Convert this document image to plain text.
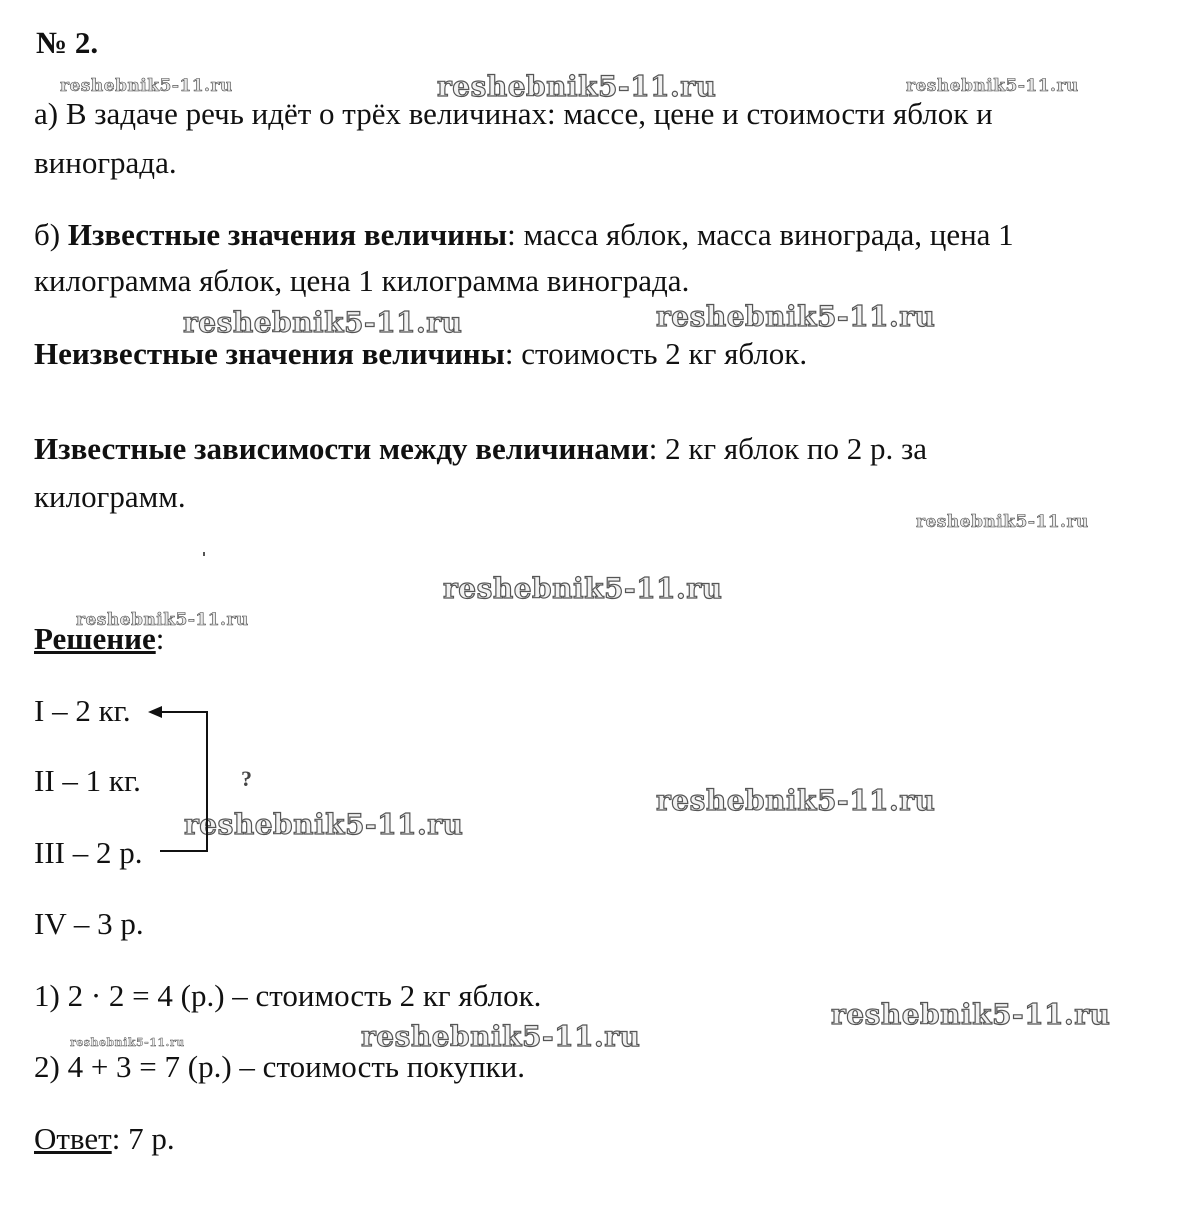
reshebnik5-11.ru	reshebnik5-11.ru	reshebnik5-11.ru
reshebnik5-11.ru	reshebnik5-11.ru
reshebnik5-11.ru
reshebnik5-11.ru
reshebnik5-11.ru
reshebnik5-11.ru
reshebnik5-11.ru
reshebnik5-11.ru
reshebnik5-11.ru
reshebnik5-11.ru
№ 2.
а) В задаче речь идёт о трёх величинах: массе, цене и стоимости яблок и
винограда.
б) Известные значения величины: масса яблок, масса винограда, цена 1
килограмма яблок, цена 1 килограмма винограда.
Неизвестные значения величины: стоимость 2 кг яблок.
Известные зависимости между величинами: 2 кг яблок по 2 р. за
килограмм.
Решение:
I – 2 кг.
II – 1 кг.
III – 2 р.
IV – 3 р.
?
1) 2 · 2 = 4 (р.) – стоимость 2 кг яблок.
2) 4 + 3 = 7 (р.) – стоимость покупки.
Ответ: 7 р.
